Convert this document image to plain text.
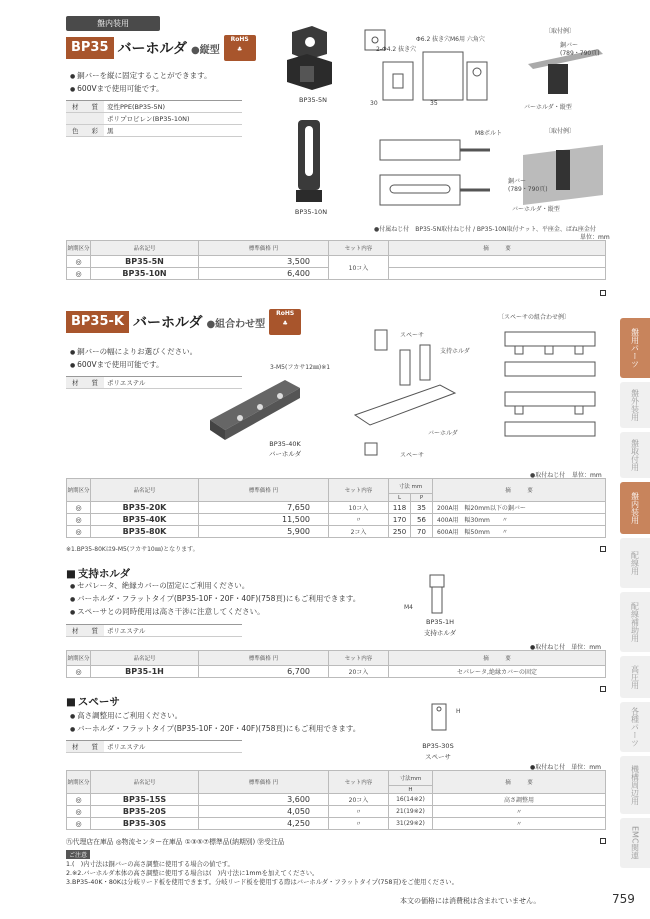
盤内装用
BP35 バーホルダ ●縦型
RoHS
♣
● 銅バーを縦に固定することができます。
● 600Vまで使用可能です。
材　　質	変性PPE(BP35-5N)
	ポリプロピレン(BP35-10N)
色　　彩	黒
BP35-5N
2-Φ4.2 抜き穴
Φ6.2 抜き穴 M6用 六角穴
30	35
〔取付例〕
銅バー
(789・790頁)
バーホルダ・縦型
BP35-10N
M8ボルト	〔取付例〕
銅バー
(789・790頁)
バーホルダ・縦型
●付属ねじ付　BP35-5N取付ねじ付 / BP35-10N取付ナット、平座金、ばね座金付
単位：mm
納期区分	品名記号	標準価格 円	セット内容	摘　　　要
◎	BP35-5N	3,500	10コ入	
◎	BP35-10N	6,400		
BP35-K バーホルダ ●組合わせ型
RoHS
♣
● 銅バーの幅によりお選びください。
● 600Vまで使用可能です。
材　　質	ポリエステル
3-M5(フカサ12㎜)※1
BP35-40K
バーホルダ
スペーサ
支持ホルダ
バーホルダ
スペーサ
〔スペーサの組合わせ例〕
●取付ねじ付 単位：mm
納期区分	品名記号	標準価格 円	セット内容	寸法 mm		摘　　　要
				L	P	
◎	BP35-20K	7,650	10コ入	118	35	200A用　幅20mm以下の銅バー
◎	BP35-40K	11,500	〃	170	56	400A用　幅30mm　　〃
◎	BP35-80K	5,900	2コ入	250	70	600A用　幅50mm　　〃
※1.BP35-80Kは9-M5(フカサ10㎜)となります。
■ 支持ホルダ
● セパレータ、絶縁カバーの固定にご利用ください。
● バーホルダ・フラットタイプ(BP35-10F・20F・40F)(758頁)にもご利用できます。
● スペーサとの同時使用は高さ干渉に注意してください。
材　　質	ポリエステル
M4
BP35-1H
支持ホルダ
●取付ねじ付　単位：mm
納期区分	品名記号	標準価格 円	セット内容	摘　　　要
◎	BP35-1H	6,700	20コ入	セパレータ,絶縁カバーの固定
■ スペーサ
● 高さ調整用にご利用ください。
● バーホルダ・フラットタイプ(BP35-10F・20F・40F)(758頁)にもご利用できます。
材　　質	ポリエステル
H
BP35-30S
スペーサ
●取付ねじ付　単位：mm
納期区分	品名記号	標準価格 円	セット内容	寸法mm	摘　　　要
				H	
◎	BP35-15S	3,600	20コ入	16(14※2)	高さ調整用
◎	BP35-20S	4,050	〃	21(19※2)	〃
◎	BP35-30S	4,250	〃	31(29※2)	〃
㊈代理店在庫品 ◎物流センター在庫品 ①③⑤⑦標準品(納期別) ㊫受注品
ご注意
1.(　)内寸法は銅バーの高さ調整に使用する場合の値です。
2.※2.バーホルダ本体の高さ調整に使用する場合は(　)内寸法に1mmを加えてください。
3.BP35-40K・80Kは分岐リード板を使用できます。分岐リード板を使用する際はバーホルダ・フラットタイプ(758頁)をご使用ください。
本文の価格には消費税は含まれていません。	759
盤用パーツ
盤外装用
盤取付用
盤内装用
配線用
配線補助用
高圧用
各種パーツ
機構周辺用
EMC関連
